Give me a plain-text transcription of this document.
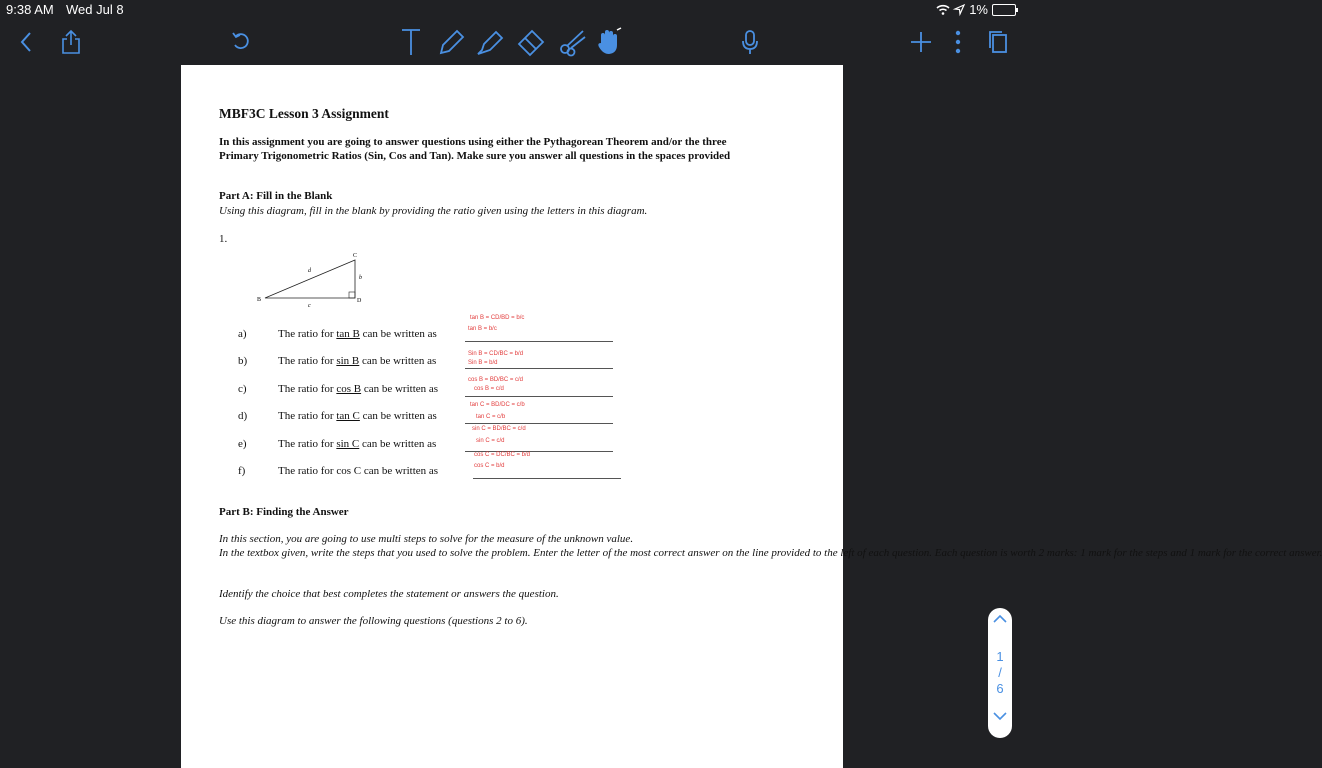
9:38 AM Wed Jul 8	1%
MBF3C Lesson 3 Assignment
In this assignment you are going to answer questions using either the Pythagorean Theorem and/or the three
Primary Trigonometric Ratios (Sin, Cos and Tan). Make sure you answer all questions in the spaces provided
Part A: Fill in the Blank
Using this diagram, fill in the blank by providing the ratio given using the letters in this diagram.
1.
B
C
D
b
c
d
a)	The ratio for tan B can be written as
tan B = CD/BD = b/c
tan B = b/c
b)	The ratio for sin B can be written as
Sin B = CD/BC = b/d
Sin B = b/d
c)	The ratio for cos B can be written as
cos B = BD/BC = c/d
cos B = c/d
d)	The ratio for tan C can be written as
tan C = BD/DC = c/b
tan C = c/b
e)	The ratio for sin C can be written as
sin C = BD/BC = c/d
sin C = c/d
f)	The ratio for cos C can be written as
cos C = DC/BC = b/d
cos C = b/d
Part B: Finding the Answer
In this section, you are going to use multi steps to solve for the measure of the unknown value.
In the textbox given, write the steps that you used to solve the problem. Enter the letter of the most correct answer on the line provided to the left of each question. Each question is worth 2 marks: 1 mark for the steps and 1 mark for the correct answer.
Identify the choice that best completes the statement or answers the question.
Use this diagram to answer the following questions (questions 2 to 6).
1
/
6
